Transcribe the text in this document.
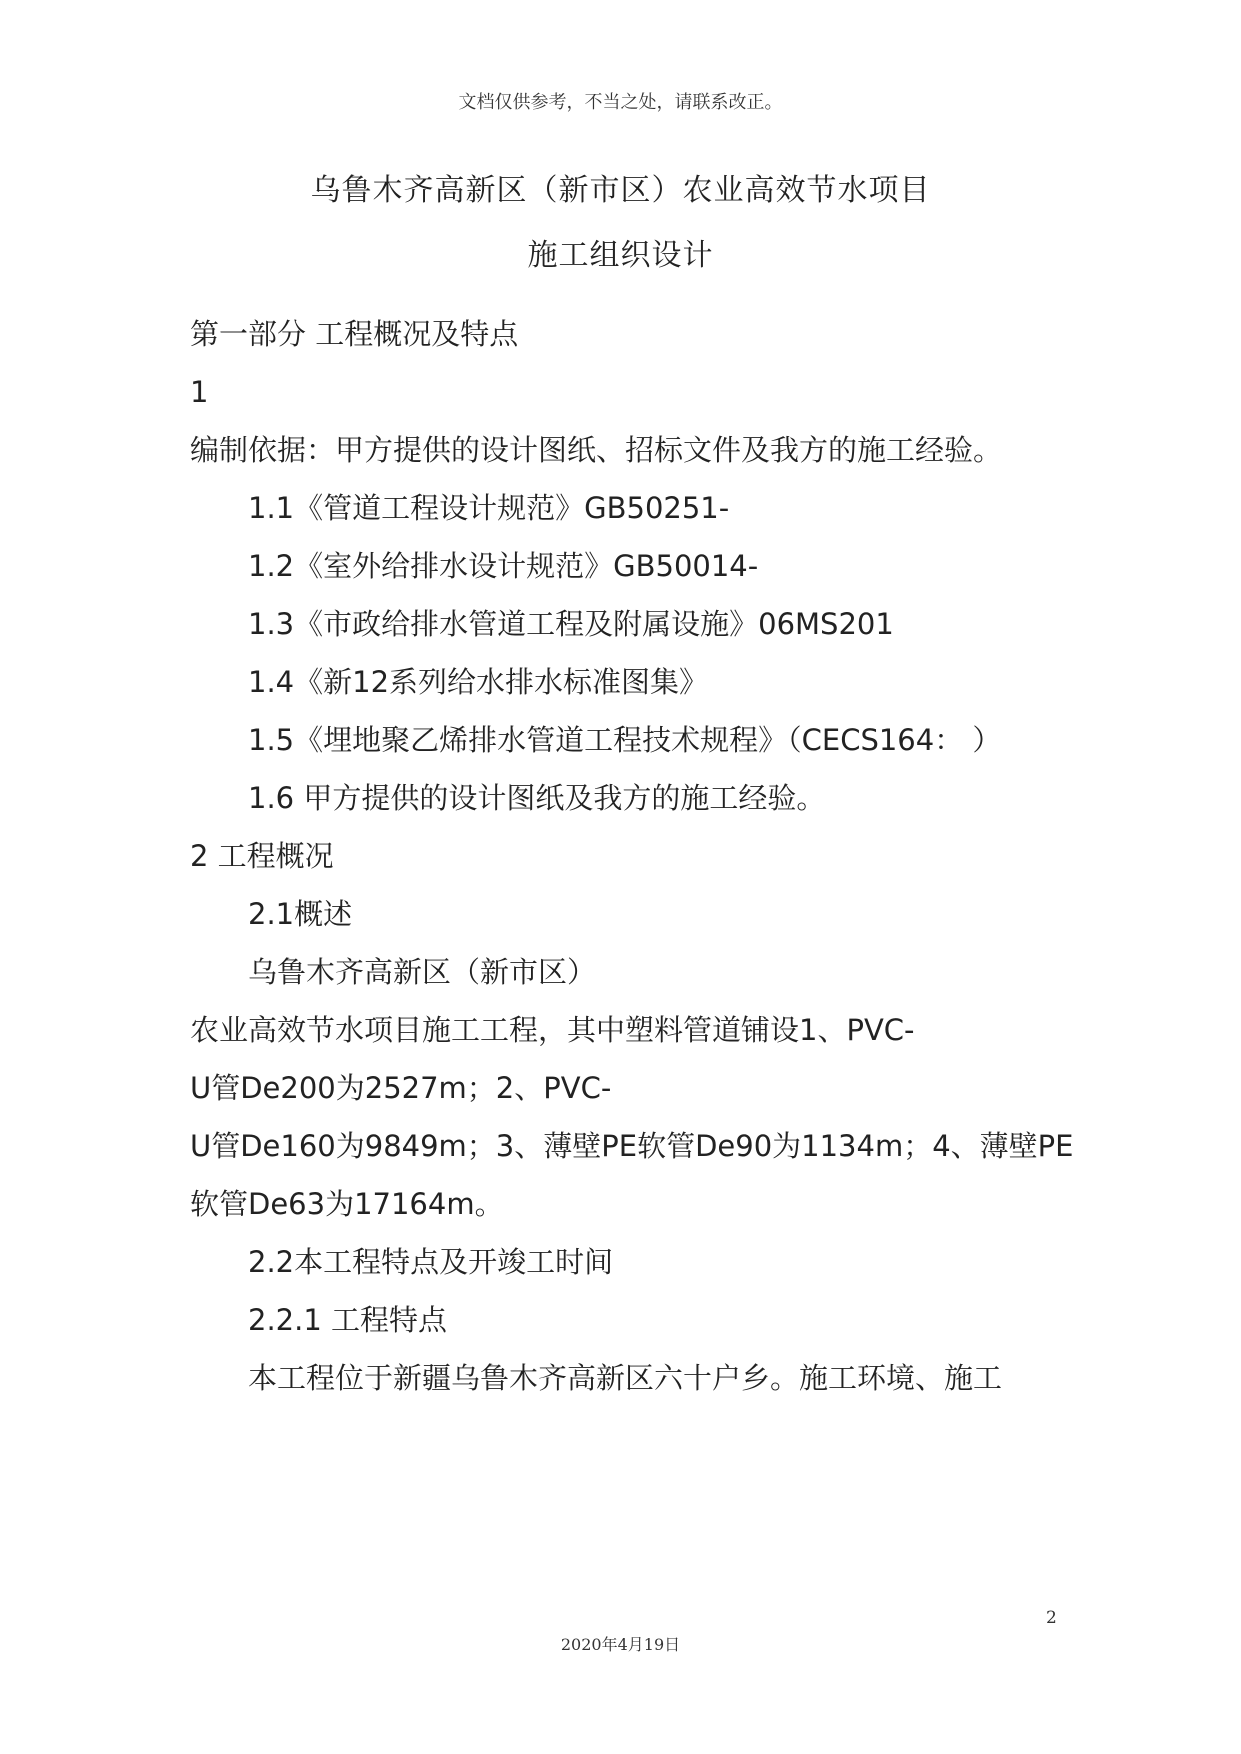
文档仅供参考，不当之处，请联系改正。
乌鲁木齐高新区（新市区）农业高效节水项目
施工组织设计
第一部分 工程概况及特点
1
编制依据：甲方提供的设计图纸、招标文件及我方的施工经验。
1.1《管道工程设计规范》GB50251-
1.2《室外给排水设计规范》GB50014-
1.3《市政给排水管道工程及附属设施》06MS201
1.4《新12系列给水排水标准图集》
1.5《埋地聚乙烯排水管道工程技术规程》（CECS164： ）
1.6 甲方提供的设计图纸及我方的施工经验。
2 工程概况
2.1概述
乌鲁木齐高新区（新市区）
农业高效节水项目施工工程，其中塑料管道铺设1、PVC-
U管De200为2527m；2、PVC-
U管De160为9849m；3、薄壁PE软管De90为1134m；4、薄壁PE
软管De63为17164m。
2.2本工程特点及开竣工时间
2.2.1 工程特点
本工程位于新疆乌鲁木齐高新区六十户乡。施工环境、施工
2
2020年4月19日
